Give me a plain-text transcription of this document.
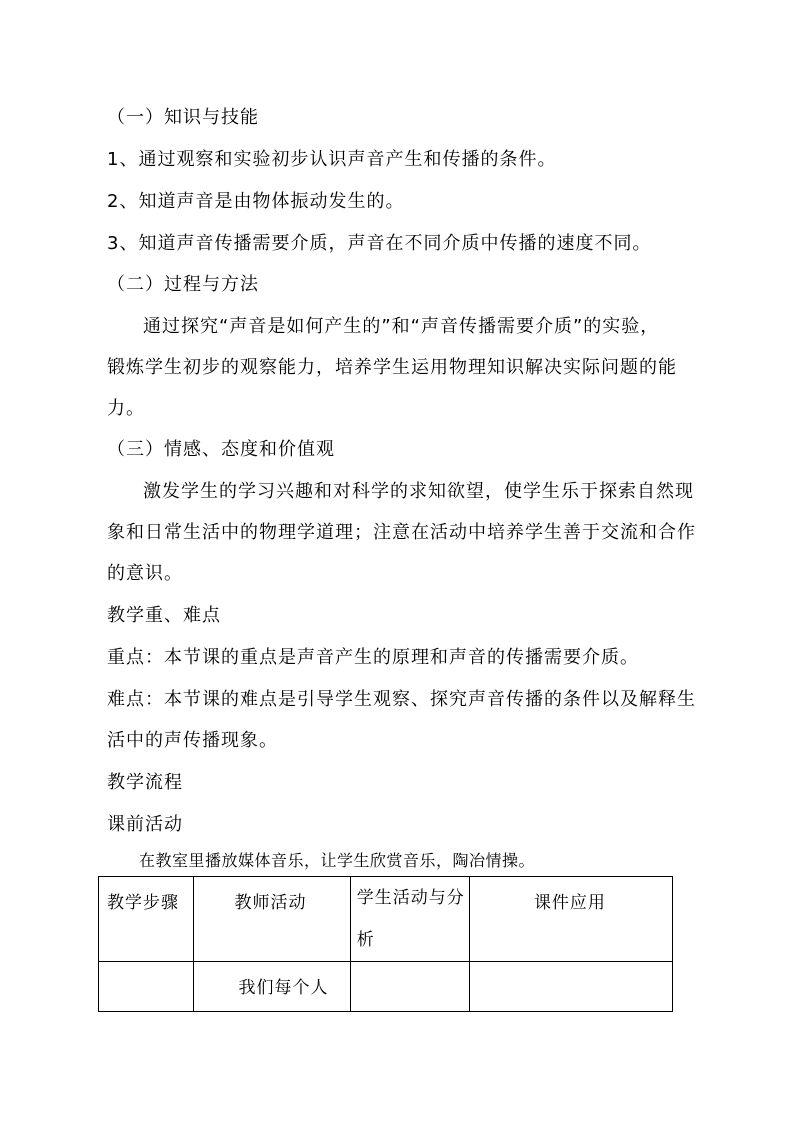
（一）知识与技能
1、通过观察和实验初步认识声音产生和传播的条件。
2、知道声音是由物体振动发生的。
3、知道声音传播需要介质，声音在不同介质中传播的速度不同。
（二）过程与方法
通过探究“声音是如何产生的”和“声音传播需要介质”的实验，
锻炼学生初步的观察能力，培养学生运用物理知识解决实际问题的能
力。
（三）情感、态度和价值观
激发学生的学习兴趣和对科学的求知欲望，使学生乐于探索自然现
象和日常生活中的物理学道理；注意在活动中培养学生善于交流和合作
的意识。
教学重、难点
重点：本节课的重点是声音产生的原理和声音的传播需要介质。
难点：本节课的难点是引导学生观察、探究声音传播的条件以及解释生
活中的声传播现象。
教学流程
课前活动
在教室里播放媒体音乐，让学生欣赏音乐，陶冶情操。
教学步骤	教师活动	学生活动与分析	课件应用

	我们每个人		
